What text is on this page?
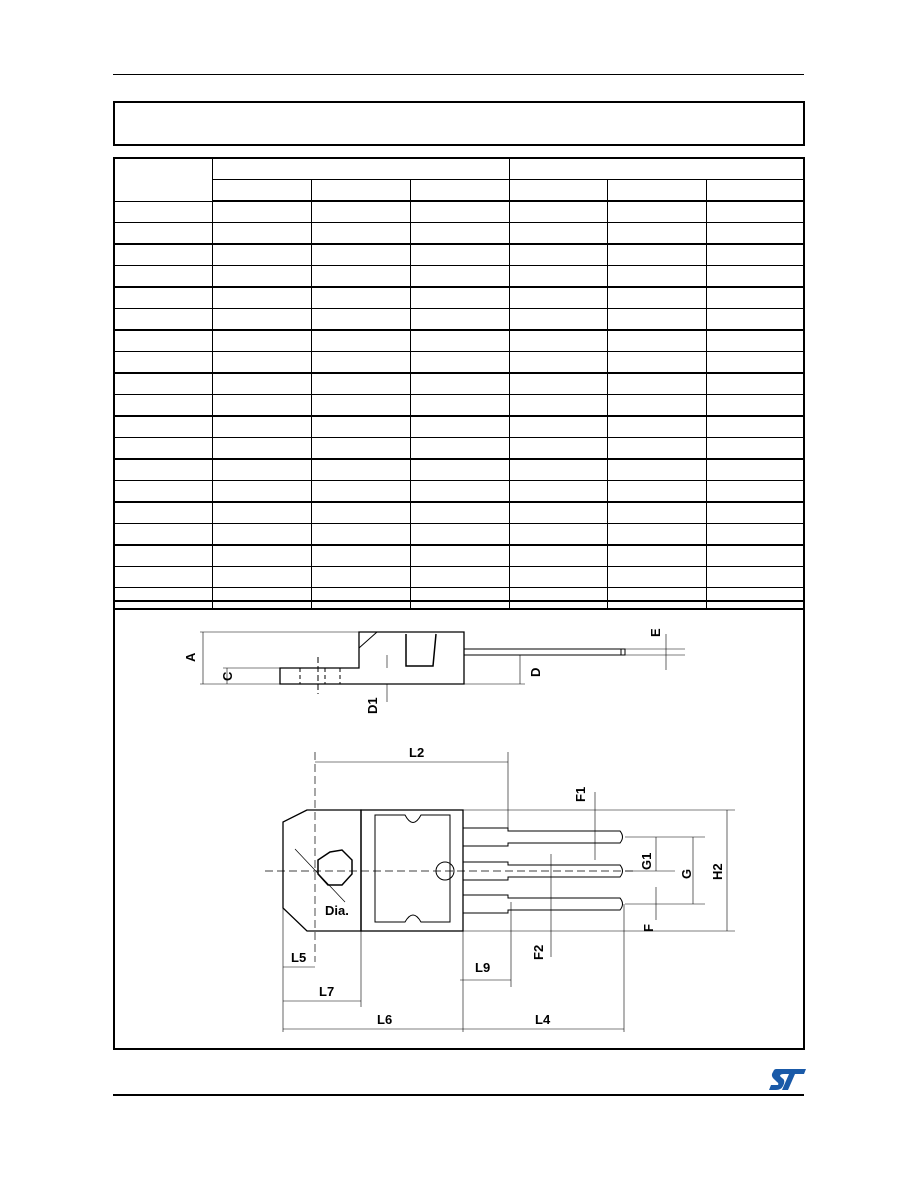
A
C	D
D1
E
L2
F1
G1
G H2
F
F2
L9
L5
L7
L6	L4
Dia.
